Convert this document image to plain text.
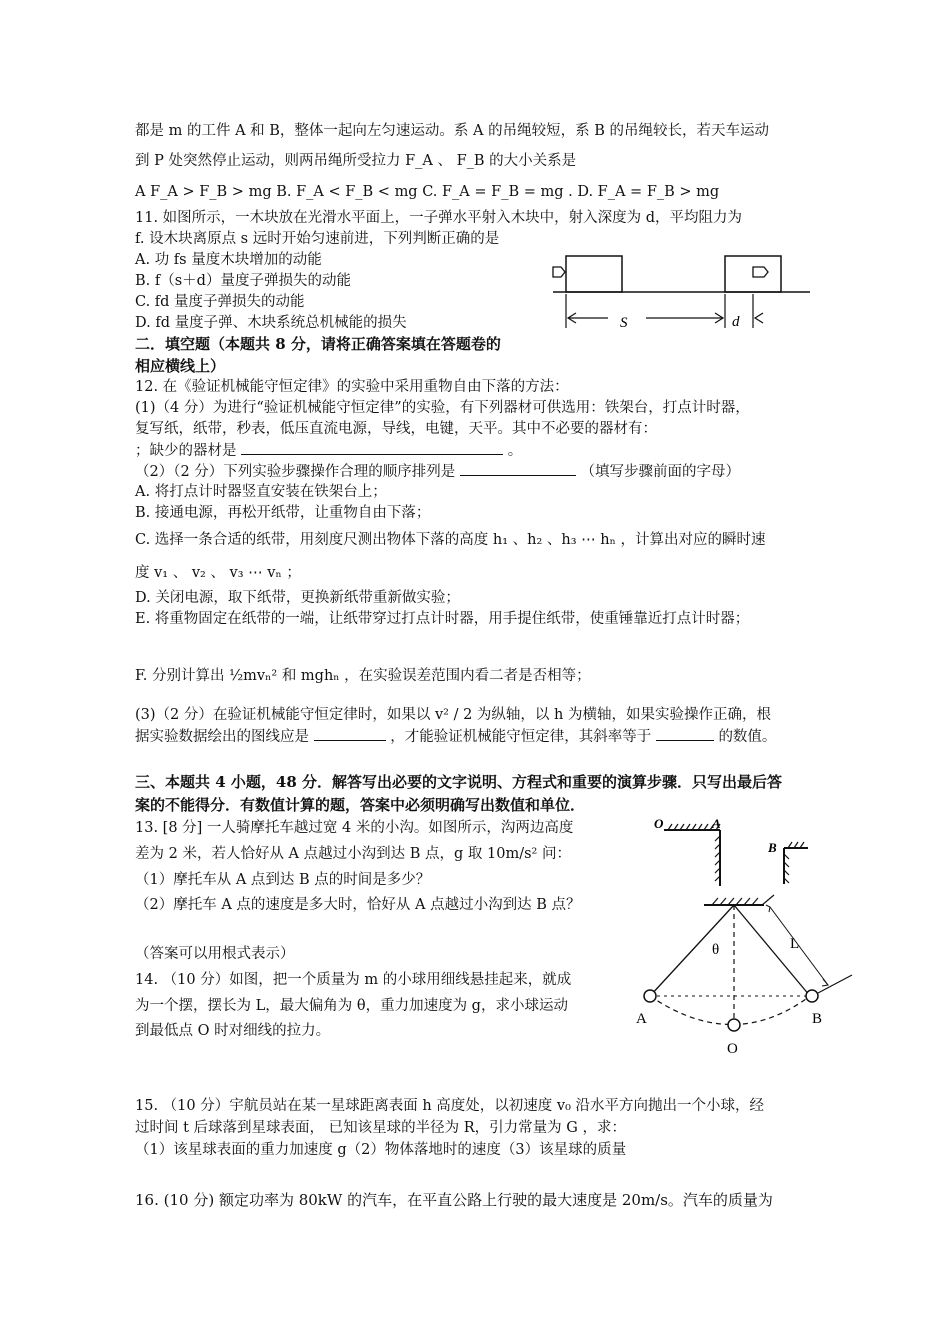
都是 m 的工件 A 和 B，整体一起向左匀速运动。系 A 的吊绳较短，系 B 的吊绳较长，若天车运动
到 P 处突然停止运动，则两吊绳所受拉力 F_A 、 F_B 的大小关系是
A F_A > F_B > mg B. F_A < F_B < mg C. F_A = F_B = mg . D. F_A = F_B > mg
11. 如图所示，一木块放在光滑水平面上，一子弹水平射入木块中，射入深度为 d，平均阻力为
f. 设木块离原点 s 远时开始匀速前进，下列判断正确的是
A. 功 fs 量度木块增加的动能
B. f（s＋d）量度子弹损失的动能
C. fd 量度子弹损失的动能
D. fd 量度子弹、木块系统总机械能的损失	S	d
二．填空题（本题共 8 分，请将正确答案填在答题卷的
相应横线上）
12. 在《验证机械能守恒定律》的实验中采用重物自由下落的方法：
(1)（4 分）为进行“验证机械能守恒定律”的实验，有下列器材可供选用：铁架台，打点计时器，
复写纸，纸带，秒表，低压直流电源，导线，电键，天平。其中不必要的器材有：
；缺少的器材是	。
（2）（2 分）下列实验步骤操作合理的顺序排列是	（填写步骤前面的字母）
A. 将打点计时器竖直安装在铁架台上；
B. 接通电源，再松开纸带，让重物自由下落；
C. 选择一条合适的纸带，用刻度尺测出物体下落的高度 h₁ 、h₂ 、h₃ ⋯ hₙ ，计算出对应的瞬时速
度 v₁ 、 v₂ 、 v₃ ⋯ vₙ ；
D. 关闭电源，取下纸带，更换新纸带重新做实验；
E. 将重物固定在纸带的一端，让纸带穿过打点计时器，用手提住纸带，使重锤靠近打点计时器；
F. 分别计算出 ½mvₙ² 和 mghₙ ，在实验误差范围内看二者是否相等；
(3)（2 分）在验证机械能守恒定律时，如果以 v² / 2 为纵轴，以 h 为横轴，如果实验操作正确，根
据实验数据绘出的图线应是	，才能验证机械能守恒定律，其斜率等于	的数值。
三、本题共 4 小题，48 分．解答写出必要的文字说明、方程式和重要的演算步骤．只写出最后答
案的不能得分．有数值计算的题，答案中必须明确写出数值和单位．
13. [8 分] 一人骑摩托车越过宽 4 米的小沟。如图所示，沟两边高度
差为 2 米，若人恰好从 A 点越过小沟到达 B 点，g 取 10m/s² 问：
（1）摩托车从 A 点到达 B 点的时间是多少？
（2）摩托车 A 点的速度是多大时，恰好从 A 点越过小沟到达 B 点？
（答案可以用根式表示）
O	A
B
14. （10 分）如图，把一个质量为 m 的小球用细线悬挂起来，就成
为一个摆，摆长为 L，最大偏角为 θ，重力加速度为 g，求小球运动
到最低点 O 时对细线的拉力。
θ	L
A	B
O
15. （10 分）宇航员站在某一星球距离表面 h 高度处，以初速度 v₀ 沿水平方向抛出一个小球，经
过时间 t 后球落到星球表面， 已知该星球的半径为 R，引力常量为 G ，求：
（1）该星球表面的重力加速度 g（2）物体落地时的速度（3）该星球的质量
16. (10 分) 额定功率为 80kW 的汽车，在平直公路上行驶的最大速度是 20m/s。汽车的质量为
